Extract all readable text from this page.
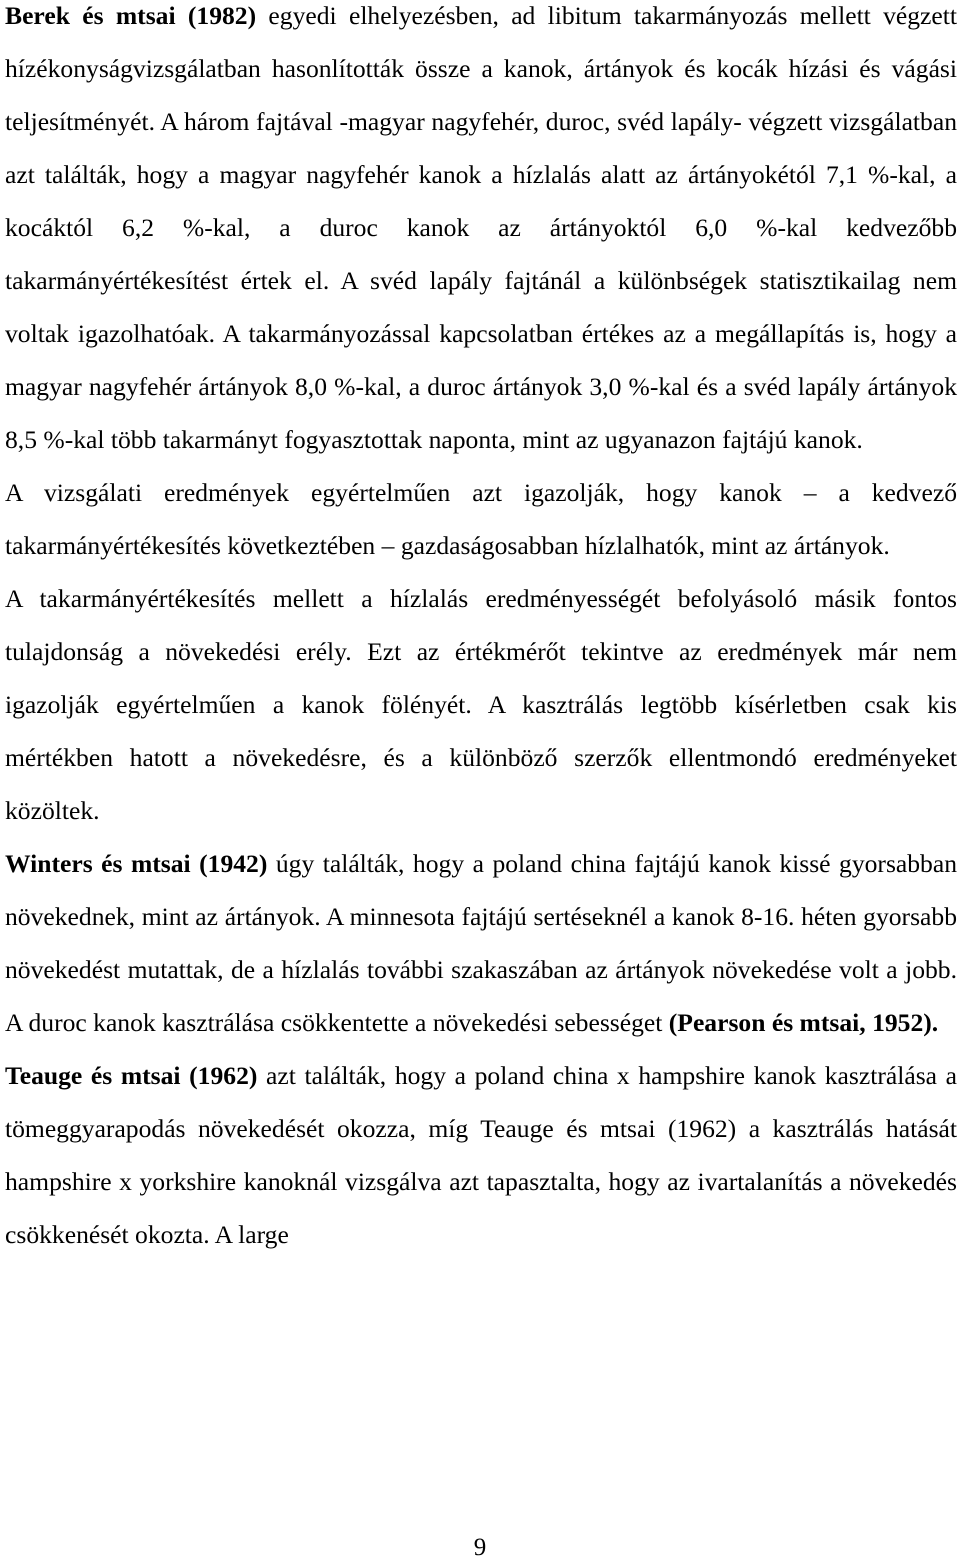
Berek és mtsai (1982) egyedi elhelyezésben, ad libitum takarmányozás mellett végzett hízékonyságvizsgálatban hasonlították össze a kanok, ártányok és kocák hízási és vágási teljesítményét. A három fajtával -magyar nagyfehér, duroc, svéd lapály- végzett vizsgálatban azt találták, hogy a magyar nagyfehér kanok a hízlalás alatt az ártányokétól 7,1 %-kal, a kocáktól 6,2 %-kal, a duroc kanok az ártányoktól 6,0 %-kal kedvezőbb takarmányértékesítést értek el. A svéd lapály fajtánál a különbségek statisztikailag nem voltak igazolhatóak. A takarmányozással kapcsolatban értékes az a megállapítás is, hogy a magyar nagyfehér ártányok 8,0 %-kal, a duroc ártányok 3,0 %-kal és a svéd lapály ártányok 8,5 %-kal több takarmányt fogyasztottak naponta, mint az ugyanazon fajtájú kanok.

A vizsgálati eredmények egyértelműen azt igazolják, hogy kanok – a kedvező takarmányértékesítés következtében – gazdaságosabban hízlalhatók, mint az ártányok.

A takarmányértékesítés mellett a hízlalás eredményességét befolyásoló másik fontos tulajdonság a növekedési erély. Ezt az értékmérőt tekintve az eredmények már nem igazolják egyértelműen a kanok fölényét. A kasztrálás legtöbb kísérletben csak kis mértékben hatott a növekedésre, és a különböző szerzők ellentmondó eredményeket közöltek.

Winters és mtsai (1942) úgy találták, hogy a poland china fajtájú kanok kissé gyorsabban növekednek, mint az ártányok. A minnesota fajtájú sertéseknél a kanok 8-16. héten gyorsabb növekedést mutattak, de a hízlalás további szakaszában az ártányok növekedése volt a jobb. A duroc kanok kasztrálása csökkentette a növekedési sebességet (Pearson és mtsai, 1952).

Teauge és mtsai (1962) azt találták, hogy a poland china x hampshire kanok kasztrálása a tömeggyarapodás növekedését okozza, míg Teauge és mtsai (1962) a kasztrálás hatását hampshire x yorkshire kanoknál vizsgálva azt tapasztalta, hogy az ivartalanítás a növekedés csökkenését okozta. A large

9
